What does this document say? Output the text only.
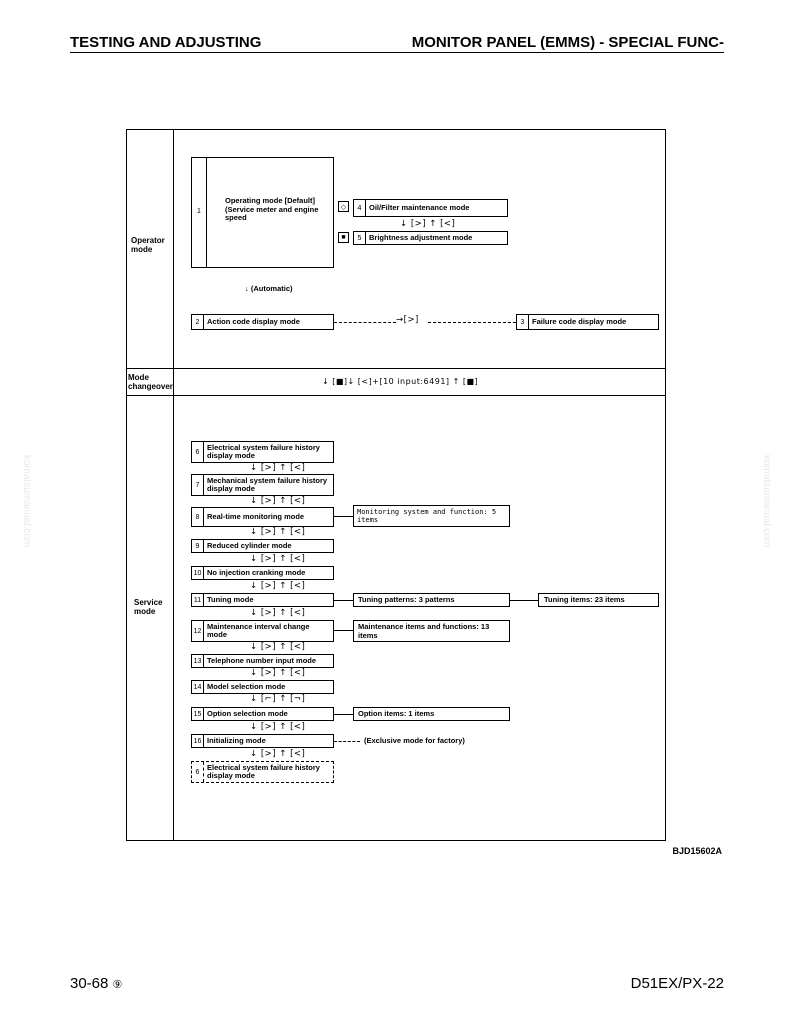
TESTING AND ADJUSTING	MONITOR PANEL (EMMS) - SPECIAL FUNC-
komatsumanual.com	komatsumanual.com
Operator mode
Mode changeover
Service mode
1
Operating mode [Default] (Service meter and engine speed
◇
■
4	Oil/Filter maintenance mode
↓ [>] ↑ [<]
5	Brightness adjustment mode
↓ (Automatic)
2	Action code display mode	→[>]	3	Failure code display mode
↓ [■]↓ [<]+[10 input:6491] ↑ [■]
6
Electrical system failure history display mode
↓ [>] ↑ [<]
7
Mechanical system failure history display mode
↓ [>] ↑ [<]
8	Real-time monitoring mode	Monitoring system and function: 5 items
↓ [>] ↑ [<]
9	Reduced cylinder mode
↓ [>] ↑ [<]
10 No injection cranking mode
↓ [>] ↑ [<]
11 Tuning mode	Tuning patterns: 3 patterns	Tuning items: 23 items
↓ [>] ↑ [<]
12
Maintenance interval change mode
Maintenance items and functions: 13 items
↓ [>] ↑ [<]
13 Telephone number input mode
↓ [>] ↑ [<]
14 Model selection mode
↓ [⌐] ↑ [¬]
15 Option selection mode	Option items: 1 items
↓ [>] ↑ [<]
16 Initializing mode	(Exclusive mode for factory)
↓ [>] ↑ [<]
6
Electrical system failure history display mode
BJD15602A
30-68 ⑨	D51EX/PX-22
